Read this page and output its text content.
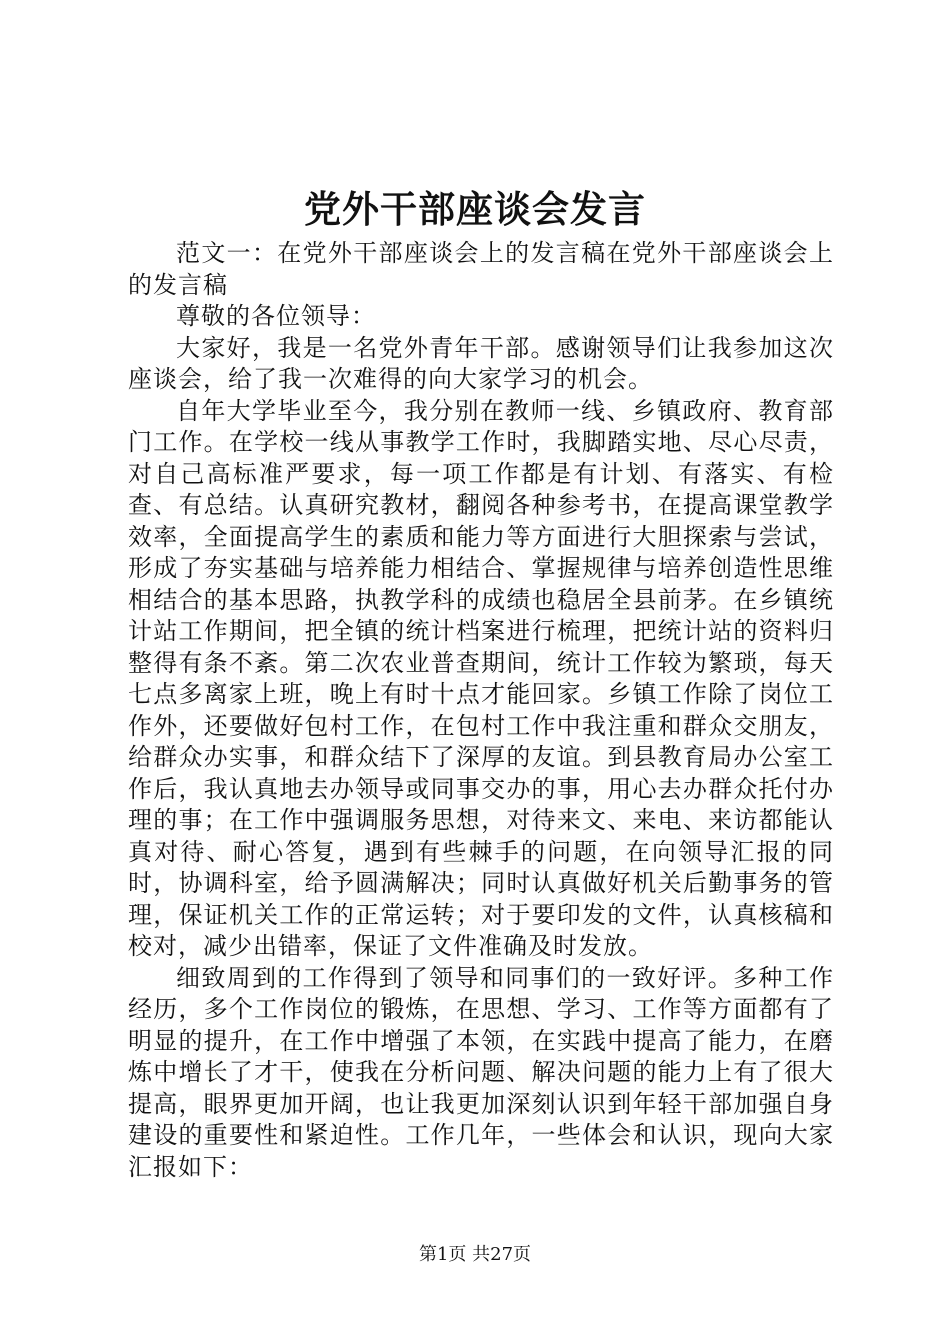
党外干部座谈会发言

范文一：在党外干部座谈会上的发言稿在党外干部座谈会上的发言稿

尊敬的各位领导：

大家好，我是一名党外青年干部。感谢领导们让我参加这次座谈会，给了我一次难得的向大家学习的机会。

自年大学毕业至今，我分别在教师一线、乡镇政府、教育部门工作。在学校一线从事教学工作时，我脚踏实地、尽心尽责，对自己高标准严要求，每一项工作都是有计划、有落实、有检查、有总结。认真研究教材，翻阅各种参考书，在提高课堂教学效率，全面提高学生的素质和能力等方面进行大胆探索与尝试，形成了夯实基础与培养能力相结合、掌握规律与培养创造性思维相结合的基本思路，执教学科的成绩也稳居全县前茅。在乡镇统计站工作期间，把全镇的统计档案进行梳理，把统计站的资料归整得有条不紊。第二次农业普查期间，统计工作较为繁琐，每天七点多离家上班，晚上有时十点才能回家。乡镇工作除了岗位工作外，还要做好包村工作，在包村工作中我注重和群众交朋友，给群众办实事，和群众结下了深厚的友谊。到县教育局办公室工作后，我认真地去办领导或同事交办的事，用心去办群众托付办理的事；在工作中强调服务思想，对待来文、来电、来访都能认真对待、耐心答复，遇到有些棘手的问题，在向领导汇报的同时，协调科室，给予圆满解决；同时认真做好机关后勤事务的管理，保证机关工作的正常运转；对于要印发的文件，认真核稿和校对，减少出错率，保证了文件准确及时发放。

细致周到的工作得到了领导和同事们的一致好评。多种工作经历，多个工作岗位的锻炼，在思想、学习、工作等方面都有了明显的提升，在工作中增强了本领，在实践中提高了能力，在磨炼中增长了才干，使我在分析问题、解决问题的能力上有了很大提高，眼界更加开阔，也让我更加深刻认识到年轻干部加强自身建设的重要性和紧迫性。工作几年，一些体会和认识，现向大家汇报如下：

第1页 共27页
